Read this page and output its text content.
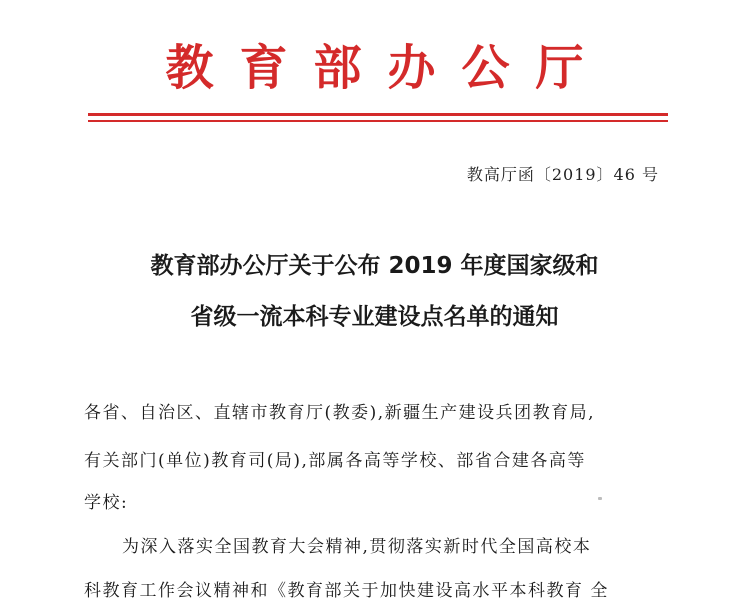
教育部办公厅
教高厅函〔2019〕46 号
教育部办公厅关于公布 2019 年度国家级和
省级一流本科专业建设点名单的通知
各省、自治区、直辖市教育厅(教委),新疆生产建设兵团教育局,
有关部门(单位)教育司(局),部属各高等学校、部省合建各高等
学校:
为深入落实全国教育大会精神,贯彻落实新时代全国高校本
科教育工作会议精神和《教育部关于加快建设高水平本科教育 全
